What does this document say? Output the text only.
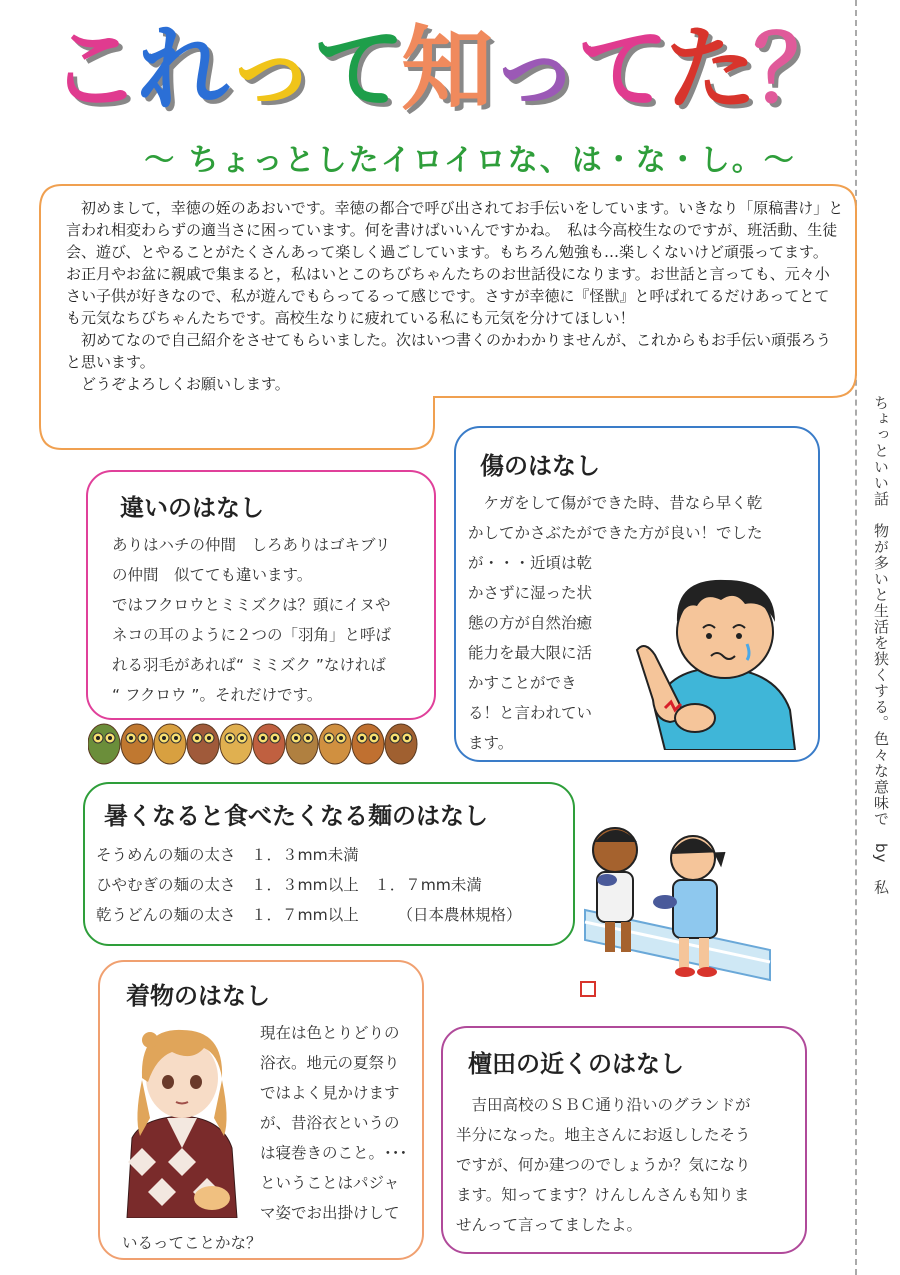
こ れ っ て 知 っ て た ？
～ ちょっとしたイロイロな、は・な・し。～
ちょっといい話　物が多いと生活を狭くする。色々な意味で　by　私
　初めまして，幸徳の姪のあおいです。幸徳の都合で呼び出されてお手伝いをしています。いきなり「原稿書け」と言われ相変わらずの適当さに困っています。何を書けばいいんですかね。　私は今高校生なのですが、班活動、生徒会、遊び、とやることがたくさんあって楽しく過ごしています。もちろん勉強も…楽しくないけど頑張ってます。
お正月やお盆に親戚で集まると，私はいとこのちびちゃんたちのお世話役になります。お世話と言っても、元々小さい子供が好きなので、私が遊んでもらってるって感じです。さすが幸徳に『怪獣』と呼ばれてるだけあってとても元気なちびちゃんたちです。高校生なりに疲れている私にも元気を分けてほしい！
　初めてなので自己紹介をさせてもらいました。次はいつ書くのかわかりませんが、これからもお手伝い頑張ろうと思います。
　どうぞよろしくお願いします。
違いのはなし
ありはハチの仲間　しろありはゴキブリ
の仲間　似てても違います。
ではフクロウとミミズクは？頭にイヌや
ネコの耳のように２つの「羽角」と呼ば
れる羽毛があれば“ ミミズク ”なければ
“ フクロウ ”。それだけです。
傷のはなし
　ケガをして傷ができた時、昔なら早く乾
かしてかさぶたができた方が良い！でした
が・・・近頃は乾
かさずに湿った状
態の方が自然治癒
能力を最大限に活
かすことができ
る！と言われてい
ます。
暑くなると食べたくなる麺のはなし
そうめんの麺の太さ　１．３mm未満
ひやむぎの麺の太さ　１．３mm以上　１．７mm未満
乾うどんの麺の太さ　１．７mm以上　　　（日本農林規格）
着物のはなし
現在は色とりどりの
浴衣。地元の夏祭り
ではよく見かけます
が、昔浴衣というの
は寝巻きのこと。･･･
ということはパジャ
マ姿でお出掛けして
いるってことかな？
檀田の近くのはなし
　吉田高校のＳＢＣ通り沿いのグランドが
半分になった。地主さんにお返ししたそう
ですが、何か建つのでしょうか？気になり
ます。知ってます？けんしんさんも知りま
せんって言ってましたよ。
